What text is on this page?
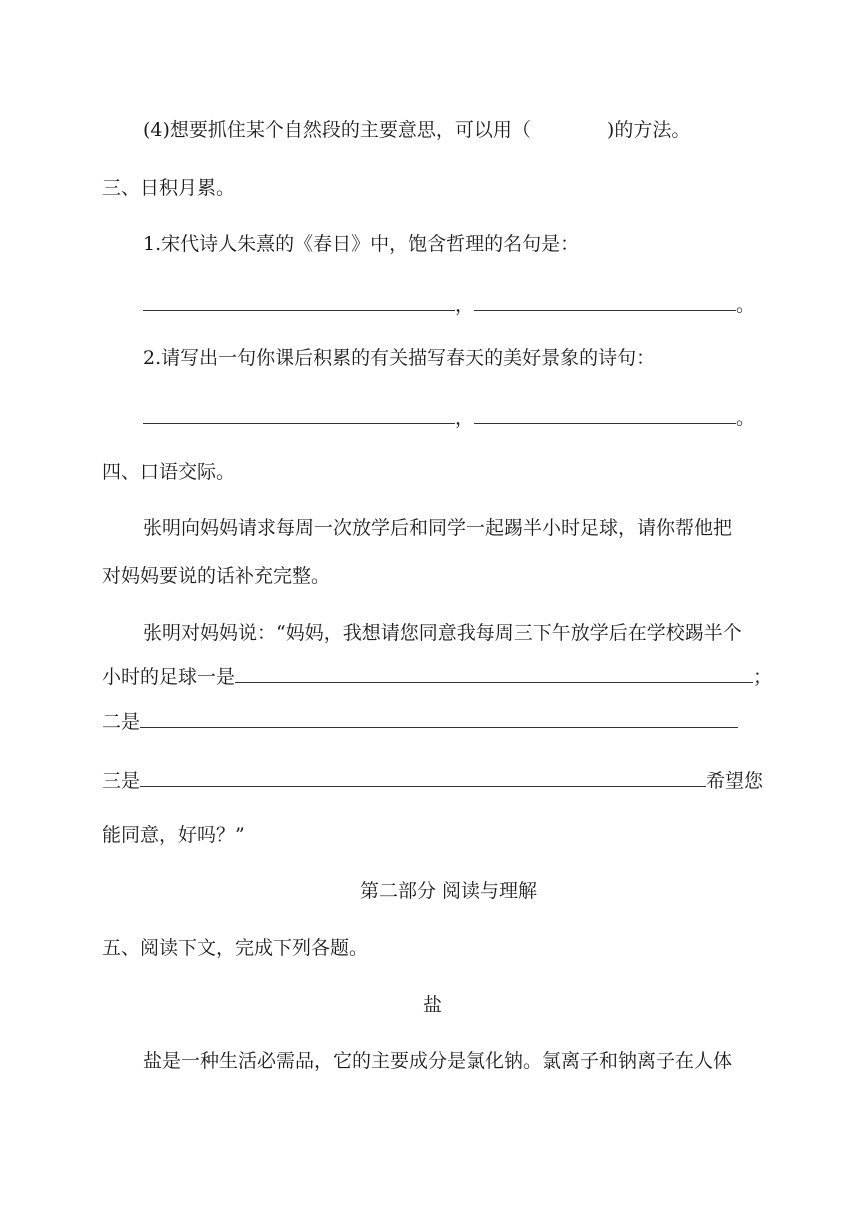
(4)想要抓住某个自然段的主要意思，可以用（	)的方法。
三、日积月累。
1.宋代诗人朱熹的《春日》中，饱含哲理的名句是：
，	。
2.请写出一句你课后积累的有关描写春天的美好景象的诗句：
，	。
四、口语交际。
张明向妈妈请求每周一次放学后和同学一起踢半小时足球，请你帮他把
对妈妈要说的话补充完整。
张明对妈妈说：“妈妈，我想请您同意我每周三下午放学后在学校踢半个
小时的足球一是	；
二是
三是	希望您
能同意，好吗？”
第二部分 阅读与理解
五、阅读下文，完成下列各题。
盐
盐是一种生活必需品，它的主要成分是氯化钠。氯离子和钠离子在人体
